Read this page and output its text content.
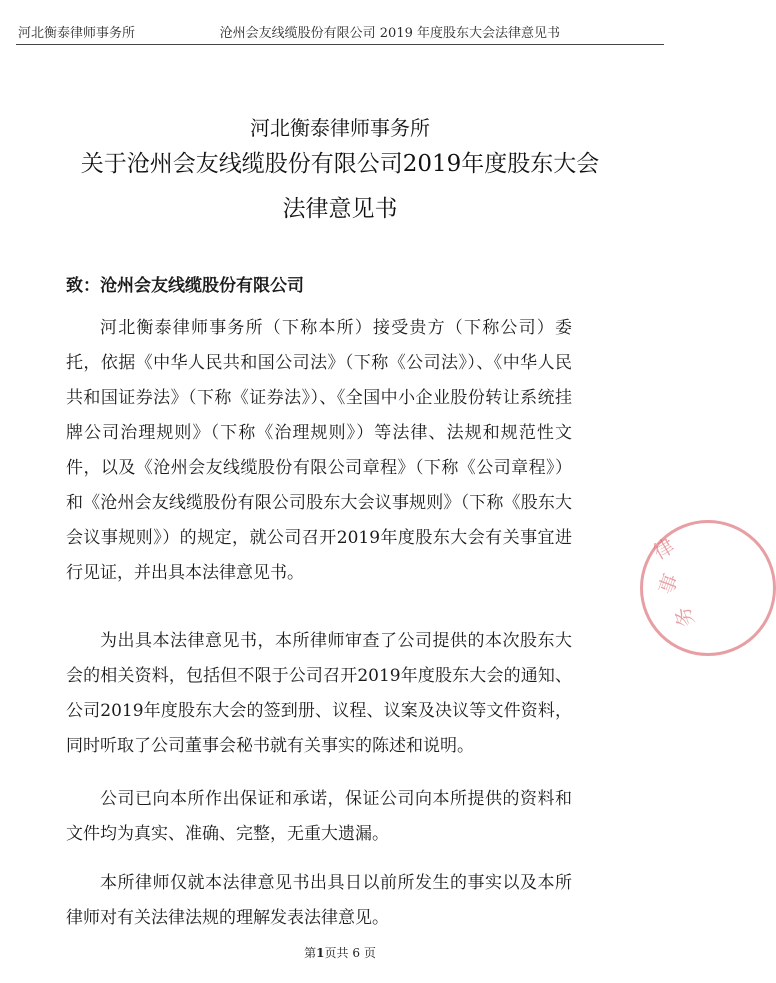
河北衡泰律师事务所	沧州会友线缆股份有限公司 2019 年度股东大会法律意见书
河北衡泰律师事务所
关于沧州会友线缆股份有限公司2019年度股东大会
法律意见书
致：沧州会友线缆股份有限公司

河北衡泰律师事务所（下称本所）接受贵方（下称公司）委托，依据《中华人民共和国公司法》（下称《公司法》）、《中华人民共和国证券法》（下称《证券法》）、《全国中小企业股份转让系统挂牌公司治理规则》（下称《治理规则》）等法律、法规和规范性文件，以及《沧州会友线缆股份有限公司章程》（下称《公司章程》）和《沧州会友线缆股份有限公司股东大会议事规则》（下称《股东大会议事规则》）的规定，就公司召开2019年度股东大会有关事宜进行见证，并出具本法律意见书。

为出具本法律意见书，本所律师审查了公司提供的本次股东大会的相关资料，包括但不限于公司召开2019年度股东大会的通知、公司2019年度股东大会的签到册、议程、议案及决议等文件资料，同时听取了公司董事会秘书就有关事实的陈述和说明。

公司已向本所作出保证和承诺，保证公司向本所提供的资料和文件均为真实、准确、完整，无重大遗漏。

本所律师仅就本法律意见书出具日以前所发生的事实以及本所律师对有关法律法规的理解发表法律意见。

律
事
务
第1页共 6 页
